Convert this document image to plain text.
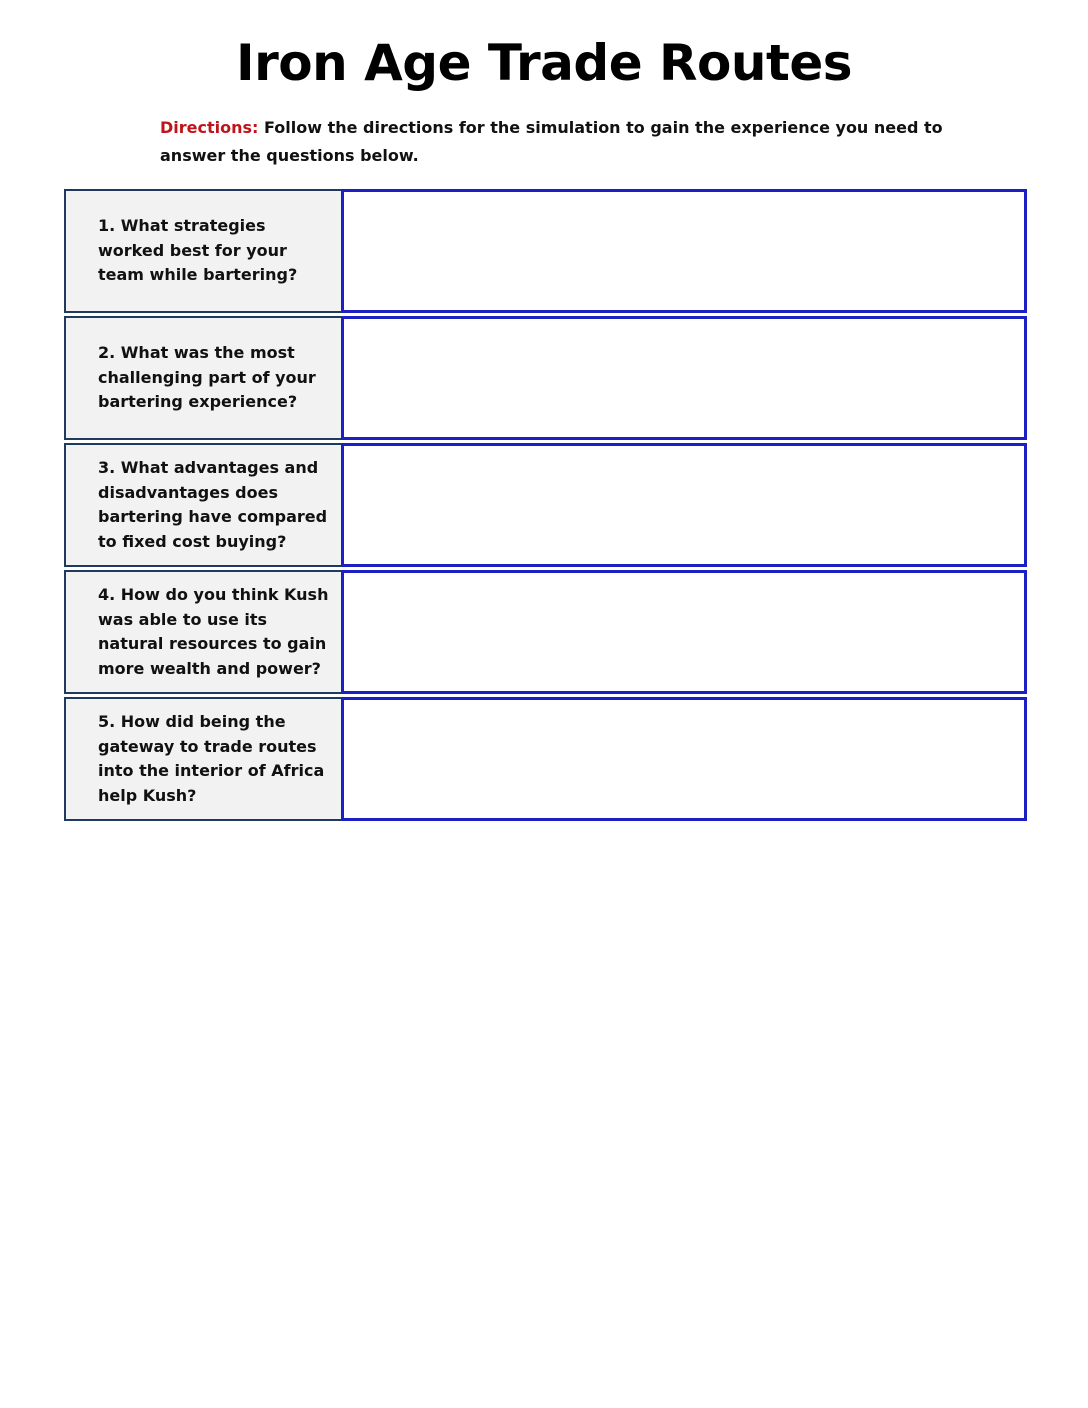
Iron Age Trade Routes
Directions: Follow the directions for the simulation to gain the experience you need to answer the questions below.
1. What strategies worked best for your team while bartering?
2. What was the most challenging part of your bartering experience?
3. What advantages and disadvantages does bartering have compared to fixed cost buying?
4. How do you think Kush was able to use its natural resources to gain more wealth and power?
5. How did being the gateway to trade routes into the interior of Africa help Kush?
